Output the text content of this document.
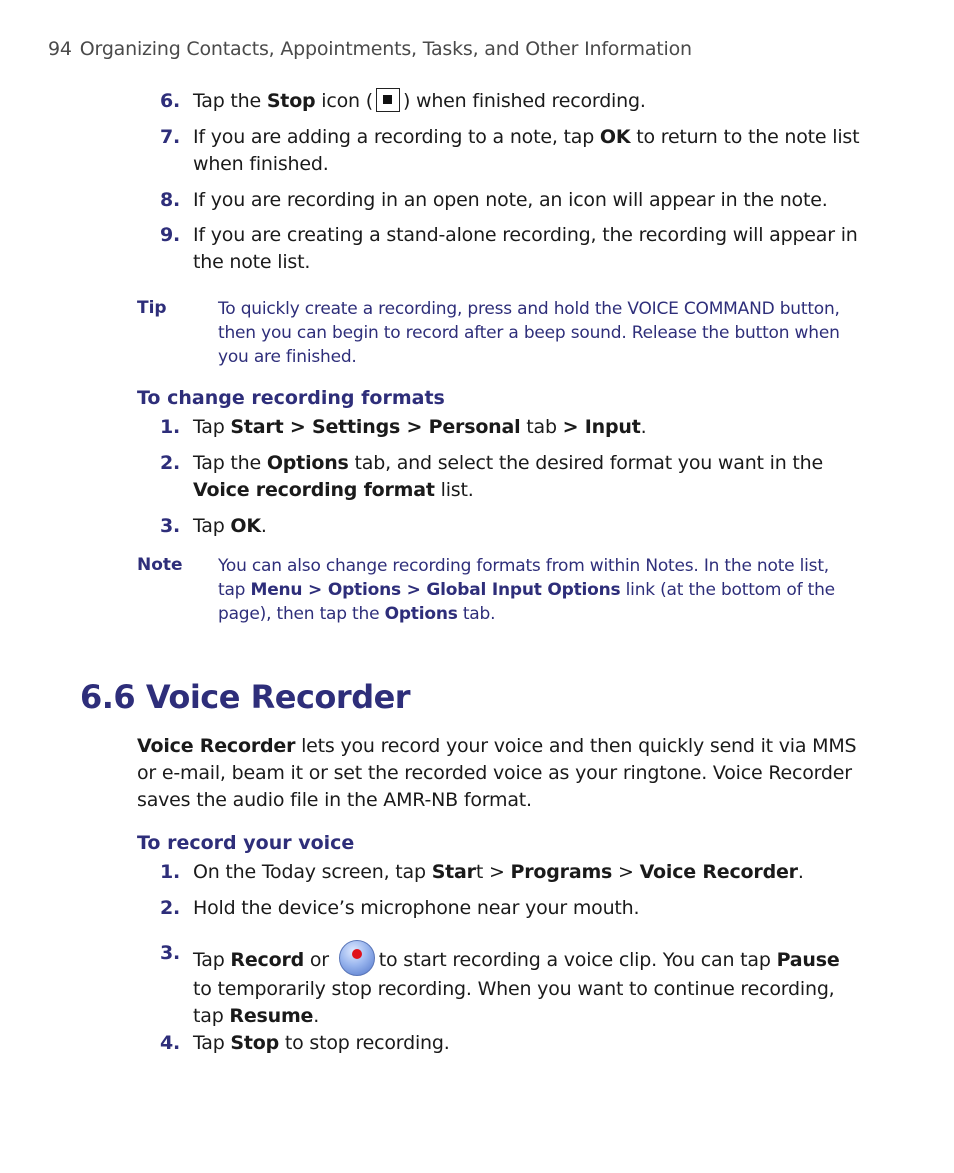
94 Organizing Contacts, Appointments, Tasks, and Other Information
6. Tap the Stop icon ( ) when finished recording.
7. If you are adding a recording to a note, tap OK to return to the note list when finished.
8. If you are recording in an open note, an icon will appear in the note.
9. If you are creating a stand-alone recording, the recording will appear in the note list.
Tip	To quickly create a recording, press and hold the VOICE COMMAND button, then you can begin to record after a beep sound. Release the button when you are finished.
To change recording formats
1. Tap Start > Settings > Personal tab > Input.
2. Tap the Options tab, and select the desired format you want in the Voice recording format list.
3. Tap OK.
Note You can also change recording formats from within Notes. In the note list, tap Menu > Options > Global Input Options link (at the bottom of the page), then tap the Options tab.
6.6 Voice Recorder
Voice Recorder lets you record your voice and then quickly send it via MMS or e-mail, beam it or set the recorded voice as your ringtone. Voice Recorder saves the audio file in the AMR-NB format.
To record your voice
1. On the Today screen, tap Start > Programs > Voice Recorder.
2. Hold the device’s microphone near your mouth.
3. Tap Record or to start recording a voice clip. You can tap Pause to temporarily stop recording. When you want to continue recording, tap Resume.
4. Tap Stop to stop recording.
